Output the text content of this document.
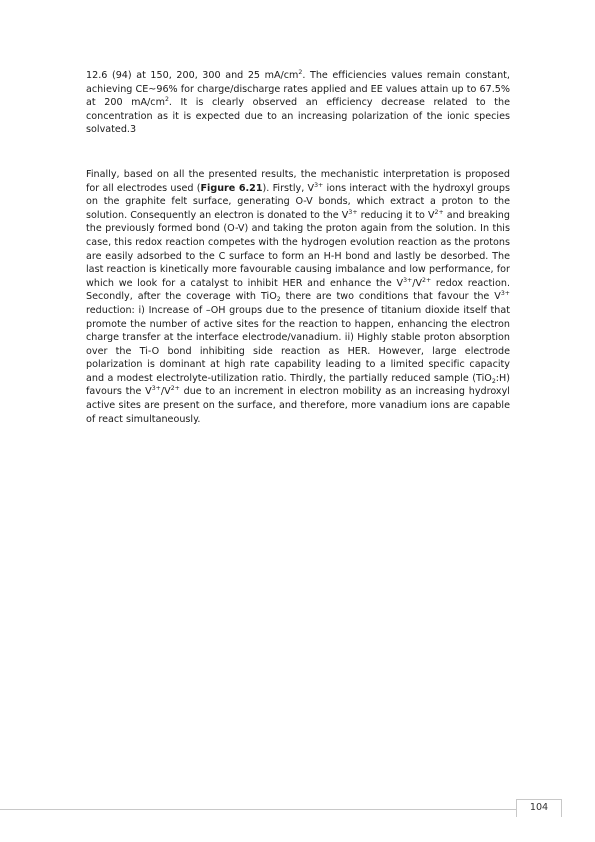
12.6 (94) at 150, 200, 300 and 25 $mA/cm^2$. The efficiencies values remain constant, achieving CE~96% for charge/discharge rates applied and EE values attain up to 67.5% at 200 $mA/cm^2$. It is clearly observed an efficiency decrease related to the concentration as it is expected due to an increasing polarization of the ionic species solvated.3

Finally, based on all the presented results, the mechanistic interpretation is proposed for all electrodes used (Figure 6.21). Firstly, $V^{3+}$ ions interact with the hydroxyl groups on the graphite felt surface, generating O-V bonds, which extract a proton to the solution. Consequently an electron is donated to the $V^{3+}$ reducing it to $V^{2+}$ and breaking the previously formed bond (O-V) and taking the proton again from the solution. In this case, this redox reaction competes with the hydrogen evolution reaction as the protons are easily adsorbed to the C surface to form an H-H bond and lastly be desorbed. The last reaction is kinetically more favourable causing imbalance and low performance, for which we look for a catalyst to inhibit HER and enhance the $V^{3+}/V^{2+}$ redox reaction. Secondly, after the coverage with TiO$_2$ there are two conditions that favour the $V^{3+}$ reduction: i) Increase of –OH groups due to the presence of titanium dioxide itself that promote the number of active sites for the reaction to happen, enhancing the electron charge transfer at the interface electrode/vanadium. ii) Highly stable proton absorption over the Ti-O bond inhibiting side reaction as HER. However, large electrode polarization is dominant at high rate capability leading to a limited specific capacity and a modest electrolyte-utilization ratio. Thirdly, the partially reduced sample (TiO$_2$:H) favours the $V^{3+}/V^{2+}$ due to an increment in electron mobility as an increasing hydroxyl active sites are present on the surface, and therefore, more vanadium ions are capable of react simultaneously.

104
